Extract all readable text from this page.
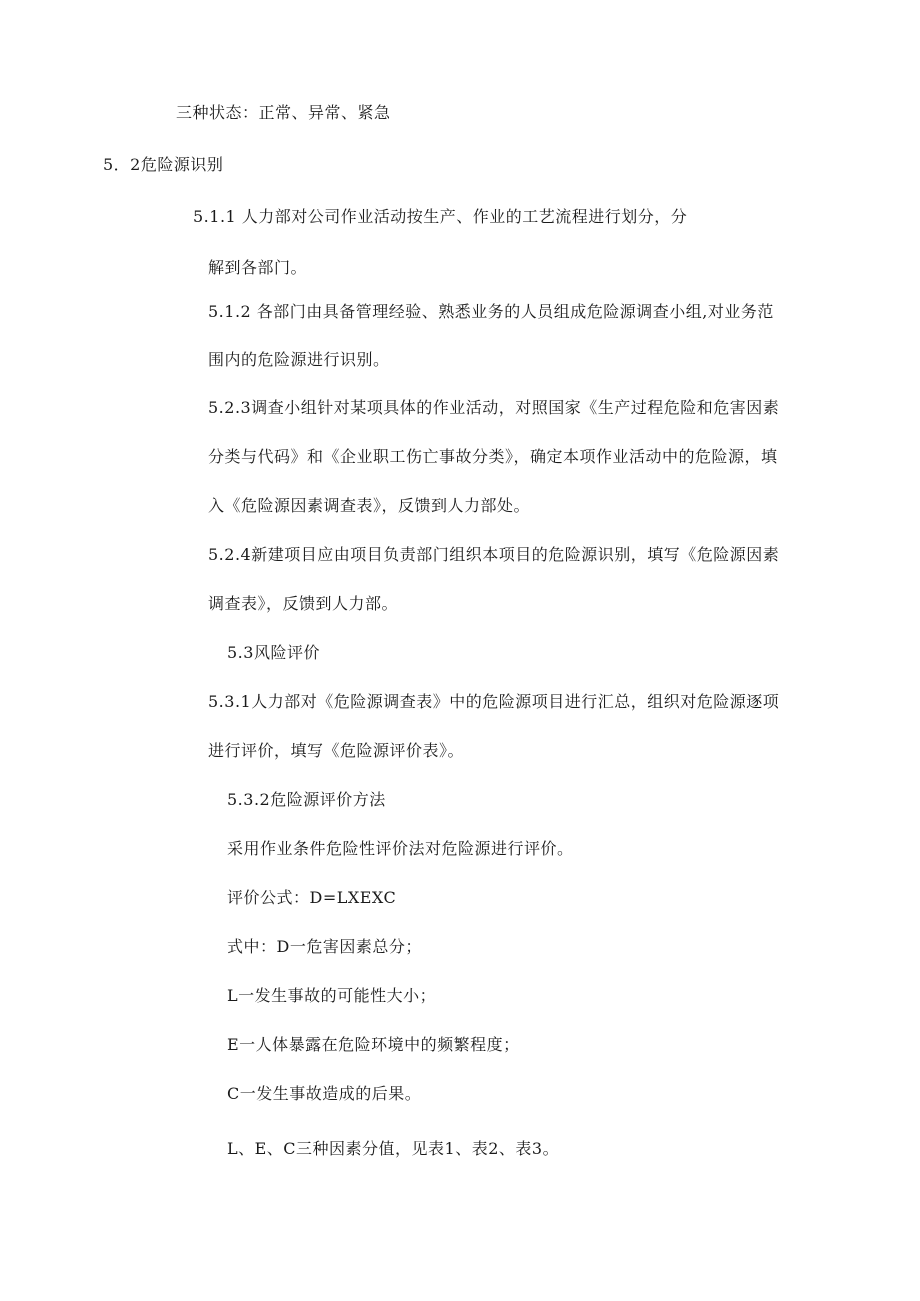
三种状态：正常、异常、紧急
5．2危险源识别
5.1.1 人力部对公司作业活动按生产、作业的工艺流程进行划分，分
解到各部门。
5.1.2 各部门由具备管理经验、熟悉业务的人员组成危险源调查小组,对业务范
围内的危险源进行识别。
5.2.3调查小组针对某项具体的作业活动，对照国家《生产过程危险和危害因素
分类与代码》和《企业职工伤亡事故分类》，确定本项作业活动中的危险源，填
入《危险源因素调查表》，反馈到人力部处。
5.2.4新建项目应由项目负责部门组织本项目的危险源识别，填写《危险源因素
调查表》，反馈到人力部。
5.3风险评价
5.3.1人力部对《危险源调查表》中的危险源项目进行汇总，组织对危险源逐项
进行评价，填写《危险源评价表》。
5.3.2危险源评价方法
采用作业条件危险性评价法对危险源进行评价。
评价公式：D=LXEXC
式中：D一危害因素总分；
L一发生事故的可能性大小；
E一人体暴露在危险环境中的频繁程度；
C一发生事故造成的后果。
L、E、C三种因素分值，见表1、表2、表3。
